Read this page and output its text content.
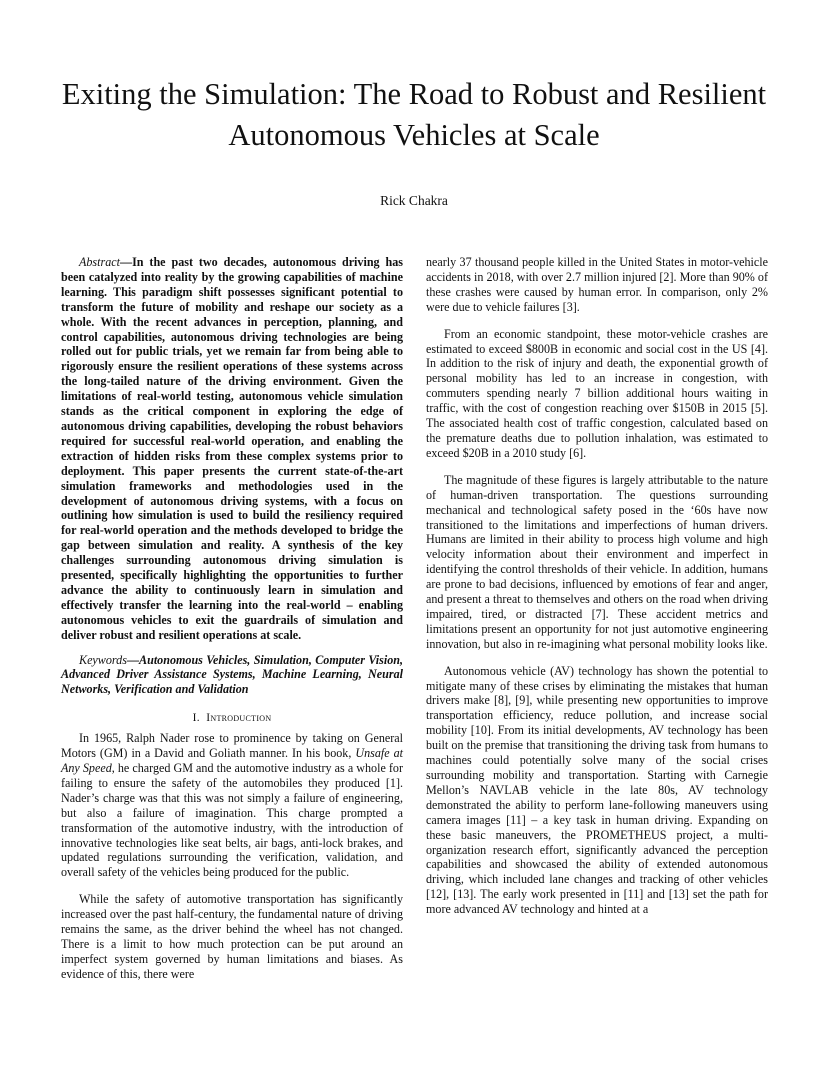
Exiting the Simulation: The Road to Robust and Resilient Autonomous Vehicles at Scale
Rick Chakra

Abstract—In the past two decades, autonomous driving has been catalyzed into reality by the growing capabilities of machine learning. This paradigm shift possesses significant potential to transform the future of mobility and reshape our society as a whole. With the recent advances in perception, planning, and control capabilities, autonomous driving technologies are being rolled out for public trials, yet we remain far from being able to rigorously ensure the resilient operations of these systems across the long-tailed nature of the driving environment. Given the limitations of real-world testing, autonomous vehicle simulation stands as the critical component in exploring the edge of autonomous driving capabilities, developing the robust behaviors required for successful real-world operation, and enabling the extraction of hidden risks from these complex systems prior to deployment. This paper presents the current state-of-the-art simulation frameworks and methodologies used in the development of autonomous driving systems, with a focus on outlining how simulation is used to build the resiliency required for real-world operation and the methods developed to bridge the gap between simulation and reality. A synthesis of the key challenges surrounding autonomous driving simulation is presented, specifically highlighting the opportunities to further advance the ability to continuously learn in simulation and effectively transfer the learning into the real-world – enabling autonomous vehicles to exit the guardrails of simulation and deliver robust and resilient operations at scale.

Keywords—Autonomous Vehicles, Simulation, Computer Vision, Advanced Driver Assistance Systems, Machine Learning, Neural Networks, Verification and Validation

I. Introduction

In 1965, Ralph Nader rose to prominence by taking on General Motors (GM) in a David and Goliath manner. In his book, Unsafe at Any Speed, he charged GM and the automotive industry as a whole for failing to ensure the safety of the automobiles they produced [1]. Nader’s charge was that this was not simply a failure of engineering, but also a failure of imagination. This charge prompted a transformation of the automotive industry, with the introduction of innovative technologies like seat belts, air bags, anti-lock brakes, and updated regulations surrounding the verification, validation, and overall safety of the vehicles being produced for the public.

While the safety of automotive transportation has significantly increased over the past half-century, the fundamental nature of driving remains the same, as the driver behind the wheel has not changed. There is a limit to how much protection can be put around an imperfect system governed by human limitations and biases. As evidence of this, there were

nearly 37 thousand people killed in the United States in motor-vehicle accidents in 2018, with over 2.7 million injured [2]. More than 90% of these crashes were caused by human error. In comparison, only 2% were due to vehicle failures [3].

From an economic standpoint, these motor-vehicle crashes are estimated to exceed $800B in economic and social cost in the US [4]. In addition to the risk of injury and death, the exponential growth of personal mobility has led to an increase in congestion, with commuters spending nearly 7 billion additional hours waiting in traffic, with the cost of congestion reaching over $150B in 2015 [5]. The associated health cost of traffic congestion, calculated based on the premature deaths due to pollution inhalation, was estimated to exceed $20B in a 2010 study [6].

The magnitude of these figures is largely attributable to the nature of human-driven transportation. The questions surrounding mechanical and technological safety posed in the ‘60s have now transitioned to the limitations and imperfections of human drivers. Humans are limited in their ability to process high volume and high velocity information about their environment and imperfect in identifying the control thresholds of their vehicle. In addition, humans are prone to bad decisions, influenced by emotions of fear and anger, and present a threat to themselves and others on the road when driving impaired, tired, or distracted [7]. These accident metrics and limitations present an opportunity for not just automotive engineering innovation, but also in re-imagining what personal mobility looks like.

Autonomous vehicle (AV) technology has shown the potential to mitigate many of these crises by eliminating the mistakes that human drivers make [8], [9], while presenting new opportunities to improve transportation efficiency, reduce pollution, and increase social mobility [10]. From its initial developments, AV technology has been built on the premise that transitioning the driving task from humans to machines could potentially solve many of the social crises surrounding mobility and transportation. Starting with Carnegie Mellon’s NAVLAB vehicle in the late 80s, AV technology demonstrated the ability to perform lane-following maneuvers using camera images [11] – a key task in human driving. Expanding on these basic maneuvers, the PROMETHEUS project, a multi-organization research effort, significantly advanced the perception capabilities and showcased the ability of extended autonomous driving, which included lane changes and tracking of other vehicles [12], [13]. The early work presented in [11] and [13] set the path for more advanced AV technology and hinted at a
